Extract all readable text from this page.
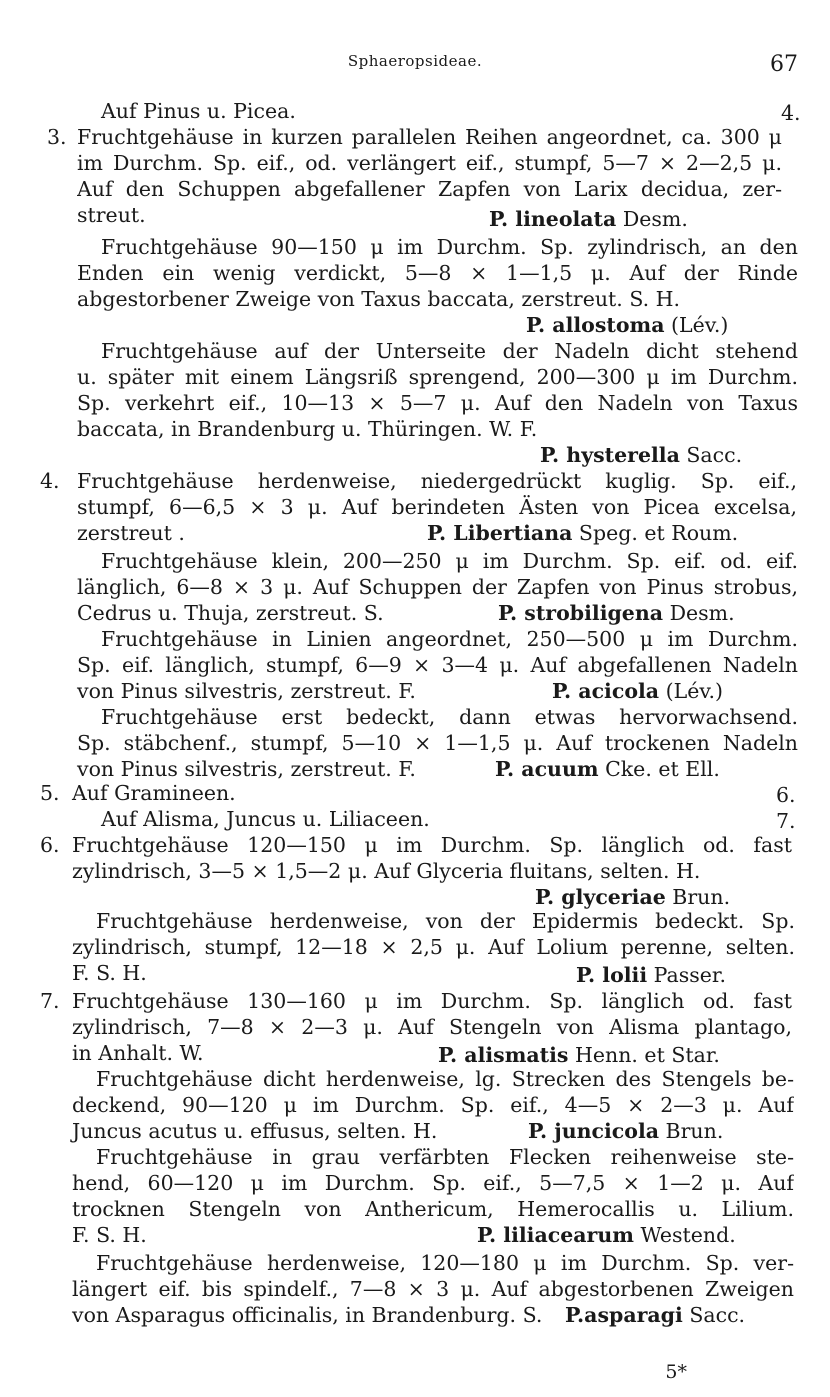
Sphaeropsideae.	67
Auf Pinus u. Picea.
Fruchtgehäuse in kurzen parallelen Reihen angeordnet, ca. 300 μ
im Durchm. Sp. eif., od. verlängert eif., stumpf, 5—7 × 2—2,5 μ.
Auf den Schuppen abgefallener Zapfen von Larix decidua, zer-
streut.
Fruchtgehäuse 90—150 μ im Durchm. Sp. zylindrisch, an den
Enden ein wenig verdickt, 5—8 × 1—1,5 μ. Auf der Rinde
abgestorbener Zweige von Taxus baccata, zerstreut. S. H.
Fruchtgehäuse auf der Unterseite der Nadeln dicht stehend
u. später mit einem Längsriß sprengend, 200—300 μ im Durchm.
Sp. verkehrt eif., 10—13 × 5—7 μ. Auf den Nadeln von Taxus
baccata, in Brandenburg u. Thüringen. W. F.
Fruchtgehäuse herdenweise, niedergedrückt kuglig. Sp. eif.,
stumpf, 6—6,5 × 3 μ. Auf berindeten Ästen von Picea excelsa,
zerstreut .
Fruchtgehäuse klein, 200—250 μ im Durchm. Sp. eif. od. eif.
länglich, 6—8 × 3 μ. Auf Schuppen der Zapfen von Pinus strobus,
Cedrus u. Thuja, zerstreut. S.
Fruchtgehäuse in Linien angeordnet, 250—500 μ im Durchm.
Sp. eif. länglich, stumpf, 6—9 × 3—4 μ. Auf abgefallenen Nadeln
von Pinus silvestris, zerstreut. F.
Fruchtgehäuse erst bedeckt, dann etwas hervorwachsend.
Sp. stäbchenf., stumpf, 5—10 × 1—1,5 μ. Auf trockenen Nadeln
von Pinus silvestris, zerstreut. F.
Auf Gramineen.
Auf Alisma, Juncus u. Liliaceen.
Fruchtgehäuse 120—150 μ im Durchm. Sp. länglich od. fast
zylindrisch, 3—5 × 1,5—2 μ. Auf Glyceria fluitans, selten. H.
Fruchtgehäuse herdenweise, von der Epidermis bedeckt. Sp.
zylindrisch, stumpf, 12—18 × 2,5 μ. Auf Lolium perenne, selten.
F. S. H.
Fruchtgehäuse 130—160 μ im Durchm. Sp. länglich od. fast
zylindrisch, 7—8 × 2—3 μ. Auf Stengeln von Alisma plantago,
in Anhalt. W.
Fruchtgehäuse dicht herdenweise, lg. Strecken des Stengels be-
deckend, 90—120 μ im Durchm. Sp. eif., 4—5 × 2—3 μ. Auf
Juncus acutus u. effusus, selten. H.
Fruchtgehäuse in grau verfärbten Flecken reihenweise ste-
hend, 60—120 μ im Durchm. Sp. eif., 5—7,5 × 1—2 μ. Auf
trocknen Stengeln von Anthericum, Hemerocallis u. Lilium.
F. S. H.
Fruchtgehäuse herdenweise, 120—180 μ im Durchm. Sp. ver-
längert eif. bis spindelf., 7—8 × 3 μ. Auf abgestorbenen Zweigen
von Asparagus officinalis, in Brandenburg. S.
3.
4.
5.
6.
7.
4.
6.
7.
P. lineolata Desm.
P. allostoma (Lév.)
P. hysterella Sacc.
P. Libertiana Speg. et Roum.
P. strobiligena Desm.
P. acicola (Lév.)
P. acuum Cke. et Ell.
P. glyceriae Brun.
P. lolii Passer.
P. alismatis Henn. et Star.
P. juncicola Brun.
P. liliacearum Westend.
P.asparagi Sacc.
5*
